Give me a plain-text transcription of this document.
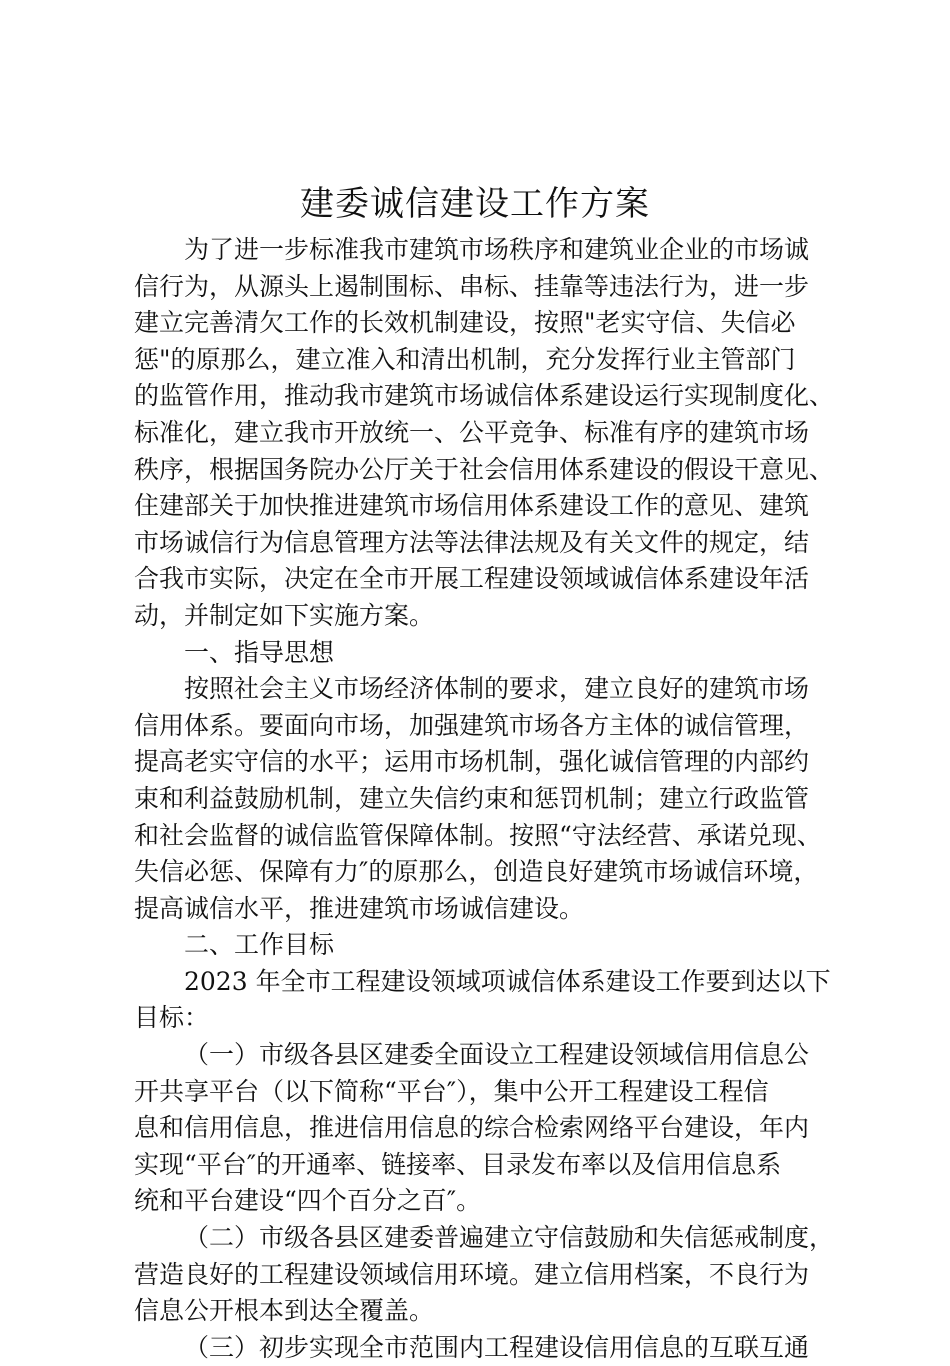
建委诚信建设工作方案
为了进一步标准我市建筑市场秩序和建筑业企业的市场诚
信行为，从源头上遏制围标、串标、挂靠等违法行为，进一步
建立完善清欠工作的长效机制建设，按照"老实守信、失信必
惩"的原那么，建立准入和清出机制，充分发挥行业主管部门
的监管作用，推动我市建筑市场诚信体系建设运行实现制度化、
标准化，建立我市开放统一、公平竞争、标准有序的建筑市场
秩序，根据国务院办公厅关于社会信用体系建设的假设干意见、
住建部关于加快推进建筑市场信用体系建设工作的意见、建筑
市场诚信行为信息管理方法等法律法规及有关文件的规定，结
合我市实际，决定在全市开展工程建设领域诚信体系建设年活
动，并制定如下实施方案。
一、指导思想
按照社会主义市场经济体制的要求，建立良好的建筑市场
信用体系。要面向市场，加强建筑市场各方主体的诚信管理，
提高老实守信的水平；运用市场机制，强化诚信管理的内部约
束和利益鼓励机制，建立失信约束和惩罚机制；建立行政监管
和社会监督的诚信监管保障体制。按照“守法经营、承诺兑现、
失信必惩、保障有力″的原那么，创造良好建筑市场诚信环境，
提高诚信水平，推进建筑市场诚信建设。
二、工作目标
2023 年全市工程建设领域项诚信体系建设工作要到达以下
目标：
（一）市级各县区建委全面设立工程建设领域信用信息公
开共享平台（以下简称“平台″），集中公开工程建设工程信
息和信用信息，推进信用信息的综合检索网络平台建设，年内
实现“平台″的开通率、链接率、目录发布率以及信用信息系
统和平台建设“四个百分之百″。
（二）市级各县区建委普遍建立守信鼓励和失信惩戒制度，
营造良好的工程建设领域信用环境。建立信用档案，不良行为
信息公开根本到达全覆盖。
（三）初步实现全市范围内工程建设信用信息的互联互通
